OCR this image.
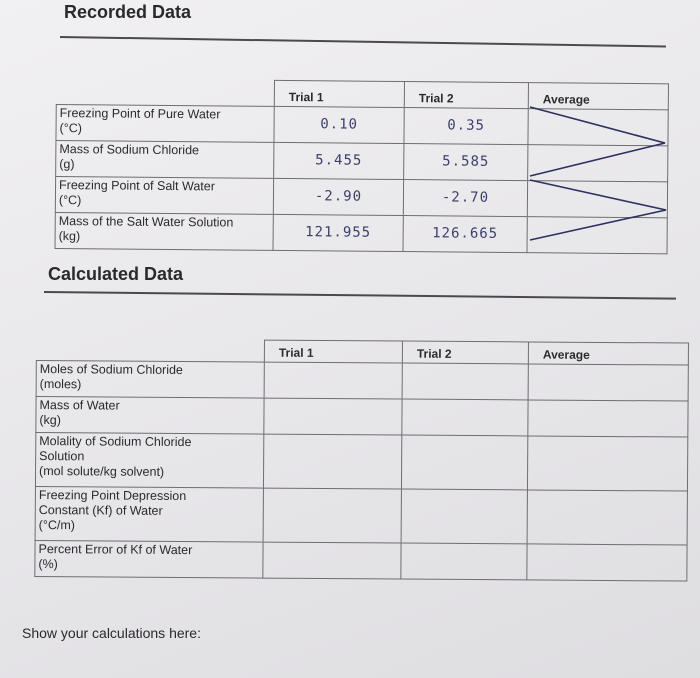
Recorded Data
	Trial 1	Trial 2	Average

Freezing Point of Pure Water
(°C)	0.10	0.35	

Mass of Sodium Chloride
(g)	5.455	5.585	

Freezing Point of Salt Water
(°C)	-2.90	-2.70	

Mass of the Salt Water Solution
(kg)	121.955	126.665	
Calculated Data
	Trial 1	Trial 2	Average

Moles of Sodium Chloride
(moles)			

Mass of Water
(kg)			

Molality of Sodium Chloride
Solution
(mol solute/kg solvent)			

Freezing Point Depression
Constant (Kf) of Water
(°C/m)			

Percent Error of Kf of Water
(%)			

Show your calculations here:
